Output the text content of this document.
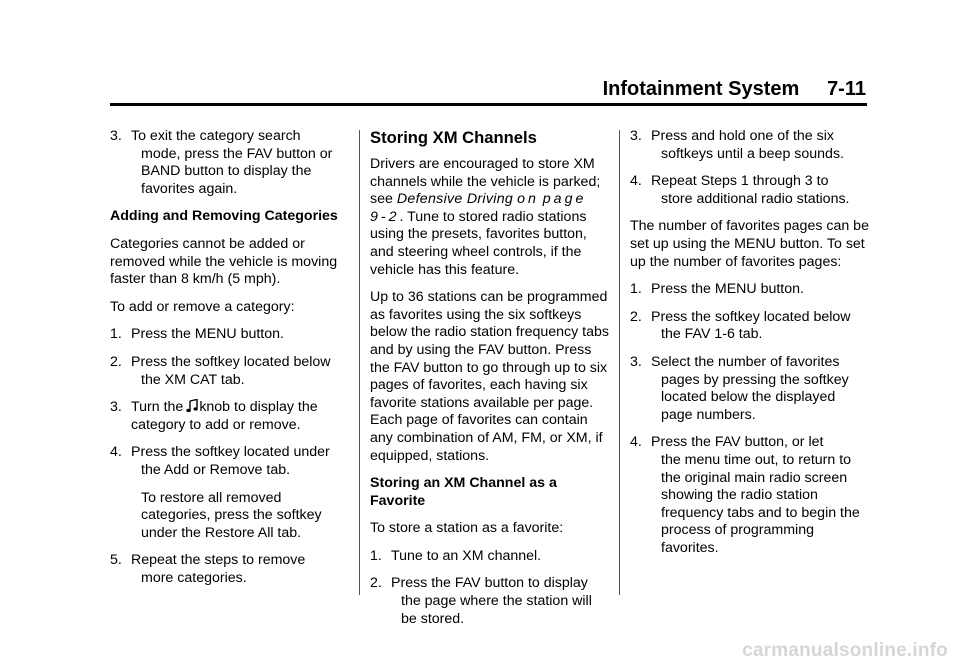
Infotainment System 7-11
3. To exit the category search
mode, press the FAV button or BAND button to display the favorites again.

Adding and Removing Categories

Categories cannot be added or removed while the vehicle is moving faster than 8 km/h (5 mph).

To add or remove a category:

1. Press the MENU button.
2. Press the softkey located below
the XM CAT tab.
3. Turn the knob to display the
category to add or remove.
4. Press the softkey located under
the Add or Remove tab.

To restore all removed categories, press the softkey under the Restore All tab.

5. Repeat the steps to remove
more categories.

Storing XM Channels

Drivers are encouraged to store XM channels while the vehicle is parked; see Defensive Driving on page 9-2. Tune to stored radio stations using the presets, favorites button, and steering wheel controls, if the vehicle has this feature.

Up to 36 stations can be programmed as favorites using the six softkeys below the radio station frequency tabs and by using the FAV button. Press the FAV button to go through up to six pages of favorites, each having six favorite stations available per page. Each page of favorites can contain any combination of AM, FM, or XM, if equipped, stations.

Storing an XM Channel as a Favorite

To store a station as a favorite:

1. Tune to an XM channel.
2. Press the FAV button to display
the page where the station will be stored.
3. Press and hold one of the six
softkeys until a beep sounds.
4. Repeat Steps 1 through 3 to
store additional radio stations.

The number of favorites pages can be set up using the MENU button. To set up the number of favorites pages:

1. Press the MENU button.
2. Press the softkey located below
the FAV 1-6 tab.
3. Select the number of favorites
pages by pressing the softkey located below the displayed page numbers.
4. Press the FAV button, or let
the menu time out, to return to the original main radio screen showing the radio station frequency tabs and to begin the process of programming favorites.
carmanualsonline.info
